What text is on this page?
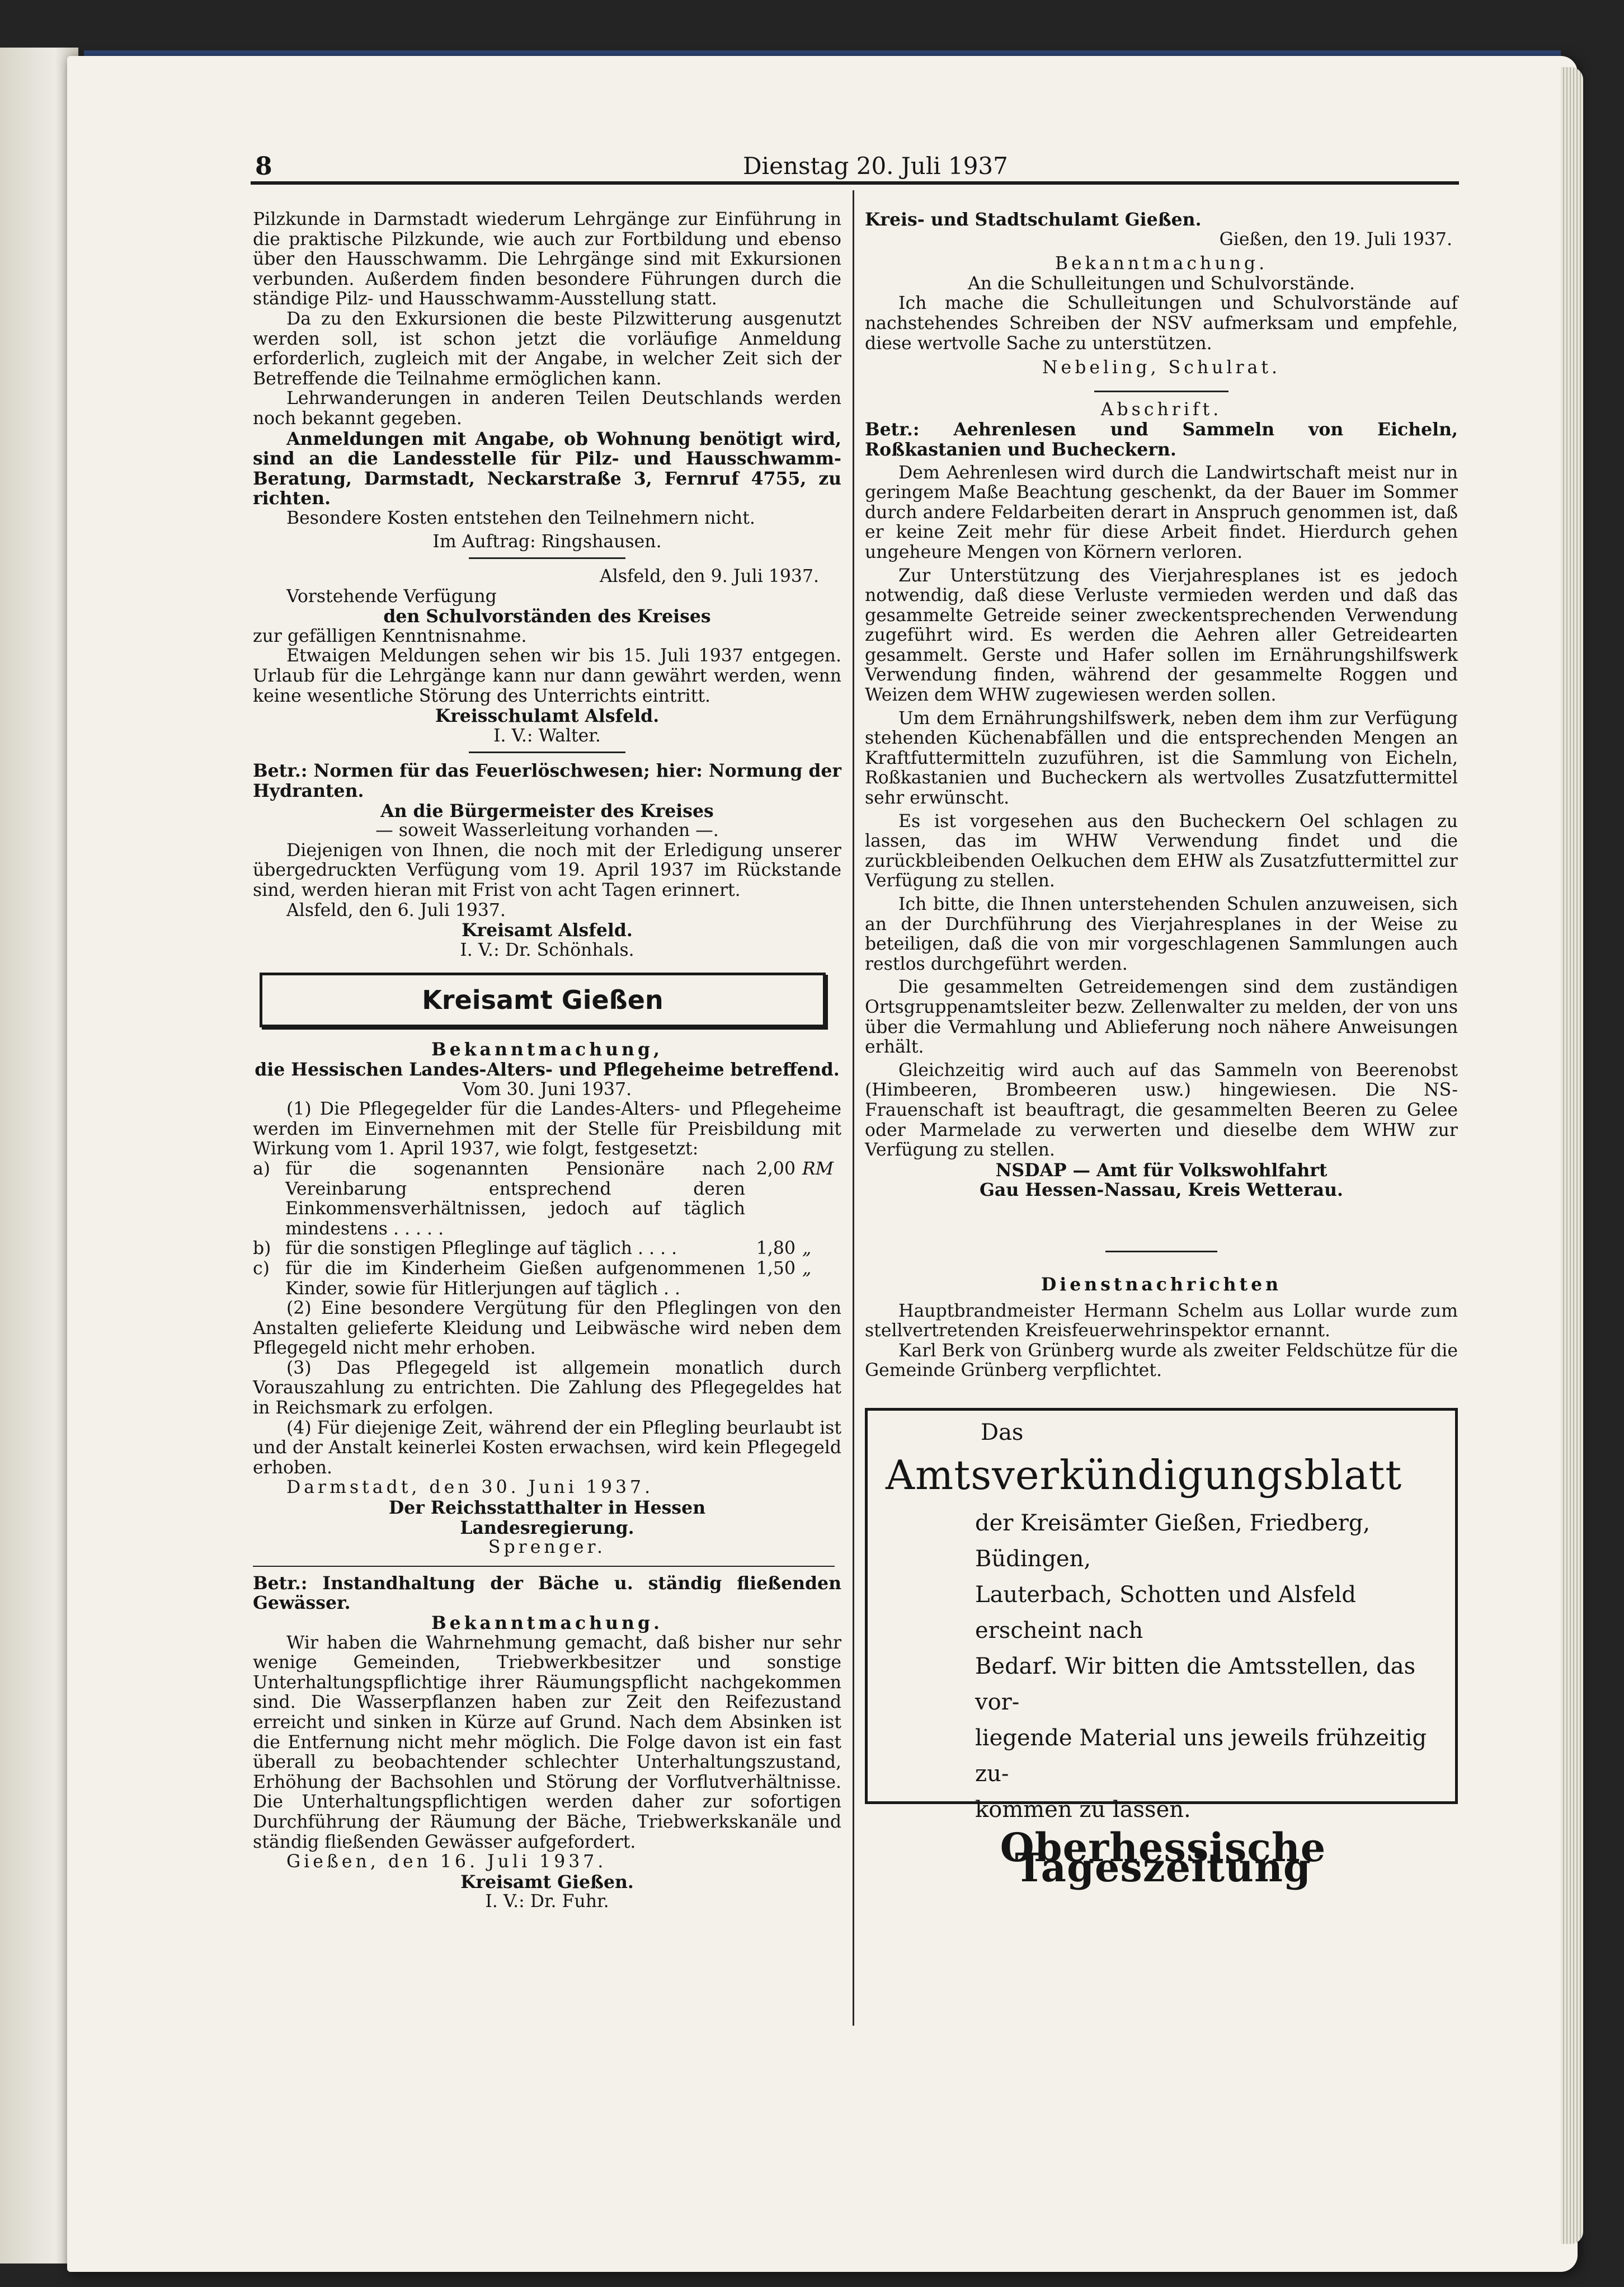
8	Dienstag 20. Juli 1937

Pilzkunde in Darmstadt wiederum Lehrgänge zur Einführung in die praktische Pilzkunde, wie auch zur Fortbildung und ebenso über den Hausschwamm. Die Lehrgänge sind mit Exkursionen verbunden. Außerdem finden besondere Führungen durch die ständige Pilz- und Hausschwamm-Ausstellung statt.

Da zu den Exkursionen die beste Pilzwitterung ausgenutzt werden soll, ist schon jetzt die vorläufige Anmeldung erforderlich, zugleich mit der Angabe, in welcher Zeit sich der Betreffende die Teilnahme ermöglichen kann.

Lehrwanderungen in anderen Teilen Deutschlands werden noch bekannt gegeben.

Anmeldungen mit Angabe, ob Wohnung benötigt wird, sind an die Landesstelle für Pilz- und Hausschwamm-Beratung, Darmstadt, Neckarstraße 3, Fernruf 4755, zu richten.

Besondere Kosten entstehen den Teilnehmern nicht.

Im Auftrag: Ringshausen.

Alsfeld, den 9. Juli 1937.

Vorstehende Verfügung

den Schulvorständen des Kreises

zur gefälligen Kenntnisnahme.

Etwaigen Meldungen sehen wir bis 15. Juli 1937 entgegen. Urlaub für die Lehrgänge kann nur dann gewährt werden, wenn keine wesentliche Störung des Unterrichts eintritt.

Kreisschulamt Alsfeld.

I. V.: Walter.

Betr.: Normen für das Feuerlöschwesen; hier: Normung der Hydranten.

An die Bürgermeister des Kreises

— soweit Wasserleitung vorhanden —.

Diejenigen von Ihnen, die noch mit der Erledigung unserer übergedruckten Verfügung vom 19. April 1937 im Rückstande sind, werden hieran mit Frist von acht Tagen erinnert.

Alsfeld, den 6. Juli 1937.

Kreisamt Alsfeld.

I. V.: Dr. Schönhals.

Kreisamt Gießen

Bekanntmachung,

die Hessischen Landes-Alters- und Pflegeheime betreffend.

Vom 30. Juni 1937.

(1) Die Pflegegelder für die Landes-Alters- und Pflegeheime werden im Einvernehmen mit der Stelle für Preisbildung mit Wirkung vom 1. April 1937, wie folgt, festgesetzt:

a) für die sogenannten Pensionäre nach Vereinbarung entsprechend deren Einkommensverhältnissen, jedoch auf täglich mindestens . . . . .
2,00 RM
b) für die sonstigen Pfleglinge auf täglich . . . .	1,80 „
c) für die im Kinderheim Gießen aufgenommenen Kinder, sowie für Hitlerjungen auf täglich . .
1,50 „

(2) Eine besondere Vergütung für den Pfleglingen von den Anstalten gelieferte Kleidung und Leibwäsche wird neben dem Pflegegeld nicht mehr erhoben.

(3) Das Pflegegeld ist allgemein monatlich durch Vorauszahlung zu entrichten. Die Zahlung des Pflegegeldes hat in Reichsmark zu erfolgen.

(4) Für diejenige Zeit, während der ein Pflegling beurlaubt ist und der Anstalt keinerlei Kosten erwachsen, wird kein Pflegegeld erhoben.

Darmstadt, den 30. Juni 1937.

Der Reichsstatthalter in Hessen

Landesregierung.

Sprenger.

Betr.: Instandhaltung der Bäche u. ständig fließenden Gewässer.

Bekanntmachung.

Wir haben die Wahrnehmung gemacht, daß bisher nur sehr wenige Gemeinden, Triebwerkbesitzer und sonstige Unterhaltungspflichtige ihrer Räumungspflicht nachgekommen sind. Die Wasserpflanzen haben zur Zeit den Reifezustand erreicht und sinken in Kürze auf Grund. Nach dem Absinken ist die Entfernung nicht mehr möglich. Die Folge davon ist ein fast überall zu beobachtender schlechter Unterhaltungszustand, Erhöhung der Bachsohlen und Störung der Vorflutverhältnisse. Die Unterhaltungspflichtigen werden daher zur sofortigen Durchführung der Räumung der Bäche, Triebwerkskanäle und ständig fließenden Gewässer aufgefordert.

Gießen, den 16. Juli 1937.

Kreisamt Gießen.

I. V.: Dr. Fuhr.

Kreis- und Stadtschulamt Gießen.

Gießen, den 19. Juli 1937.

Bekanntmachung.

An die Schulleitungen und Schulvorstände.

Ich mache die Schulleitungen und Schulvorstände auf nachstehendes Schreiben der NSV aufmerksam und empfehle, diese wertvolle Sache zu unterstützen.

Nebeling, Schulrat.

Abschrift.

Betr.: Aehrenlesen und Sammeln von Eicheln, Roßkastanien und Bucheckern.

Dem Aehrenlesen wird durch die Landwirtschaft meist nur in geringem Maße Beachtung geschenkt, da der Bauer im Sommer durch andere Feldarbeiten derart in Anspruch genommen ist, daß er keine Zeit mehr für diese Arbeit findet. Hierdurch gehen ungeheure Mengen von Körnern verloren.

Zur Unterstützung des Vierjahresplanes ist es jedoch notwendig, daß diese Verluste vermieden werden und daß das gesammelte Getreide seiner zweckentsprechenden Verwendung zugeführt wird. Es werden die Aehren aller Getreidearten gesammelt. Gerste und Hafer sollen im Ernährungshilfswerk Verwendung finden, während der gesammelte Roggen und Weizen dem WHW zugewiesen werden sollen.

Um dem Ernährungshilfswerk, neben dem ihm zur Verfügung stehenden Küchenabfällen und die entsprechenden Mengen an Kraftfuttermitteln zuzuführen, ist die Sammlung von Eicheln, Roßkastanien und Bucheckern als wertvolles Zusatzfuttermittel sehr erwünscht.

Es ist vorgesehen aus den Bucheckern Oel schlagen zu lassen, das im WHW Verwendung findet und die zurückbleibenden Oelkuchen dem EHW als Zusatzfuttermittel zur Verfügung zu stellen.

Ich bitte, die Ihnen unterstehenden Schulen anzuweisen, sich an der Durchführung des Vierjahresplanes in der Weise zu beteiligen, daß die von mir vorgeschlagenen Sammlungen auch restlos durchgeführt werden.

Die gesammelten Getreidemengen sind dem zuständigen Ortsgruppenamtsleiter bezw. Zellenwalter zu melden, der von uns über die Vermahlung und Ablieferung noch nähere Anweisungen erhält.

Gleichzeitig wird auch auf das Sammeln von Beerenobst (Himbeeren, Brombeeren usw.) hingewiesen. Die NS-Frauenschaft ist beauftragt, die gesammelten Beeren zu Gelee oder Marmelade zu verwerten und dieselbe dem WHW zur Verfügung zu stellen.

NSDAP — Amt für Volkswohlfahrt

Gau Hessen-Nassau, Kreis Wetterau.

Dienstnachrichten

Hauptbrandmeister Hermann Schelm aus Lollar wurde zum stellvertretenden Kreisfeuerwehrinspektor ernannt.

Karl Berk von Grünberg wurde als zweiter Feldschütze für die Gemeinde Grünberg verpflichtet.

Das

Amtsverkündigungsblatt

der Kreisämter Gießen, Friedberg, Büdingen,

Lauterbach, Schotten und Alsfeld erscheint nach

Bedarf. Wir bitten die Amtsstellen, das vor-

liegende Material uns jeweils frühzeitig zu-

kommen zu lassen.

Oberhessische Tageszeitung
